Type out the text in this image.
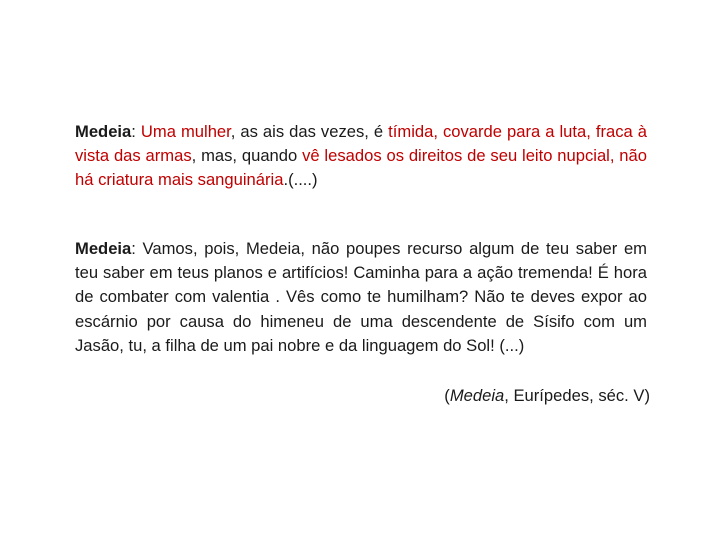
Medeia: Uma mulher, as ais das vezes, é tímida, covarde para a luta, fraca à vista das armas, mas, quando vê lesados os direitos de seu leito nupcial, não há criatura mais sanguinária.(....)

Medeia: Vamos, pois, Medeia, não poupes recurso algum de teu saber em teu saber em teus planos e artifícios! Caminha para a ação tremenda! É hora de combater com valentia . Vês como te humilham? Não te deves expor ao escárnio por causa do himeneu de uma descendente de Sísifo com um Jasão, tu, a filha de um pai nobre e da linguagem do Sol! (...)

(Medeia, Eurípedes, séc. V)
